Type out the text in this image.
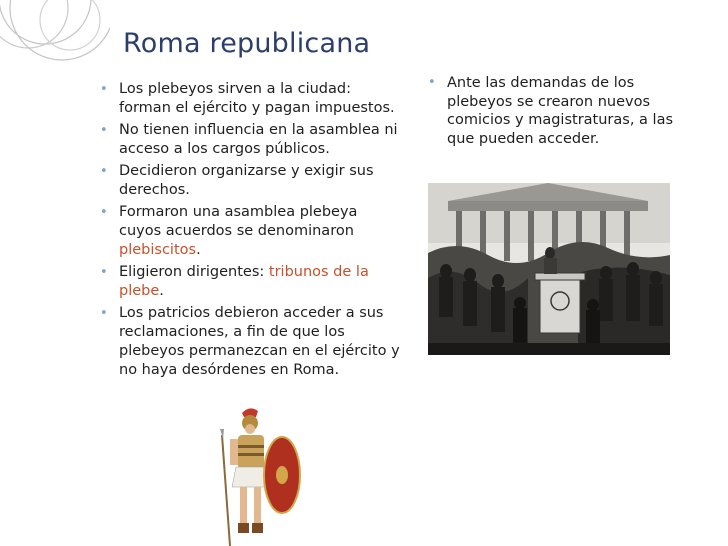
Roma republicana
• Los plebeyos sirven a la ciudad: forman el ejército y pagan impuestos.
• No tienen influencia en la asamblea ni acceso a los cargos públicos.
• Decidieron organizarse y exigir sus derechos.
• Formaron una asamblea plebeya cuyos acuerdos se denominaron plebiscitos.
• Eligieron dirigentes: tribunos de la plebe.
• Los patricios debieron acceder a sus reclamaciones, a fin de que los plebeyos permanezcan en el ejército y no haya desórdenes en Roma.
• Ante las demandas de los plebeyos se crearon nuevos comicios y magistraturas, a las que pueden acceder.
